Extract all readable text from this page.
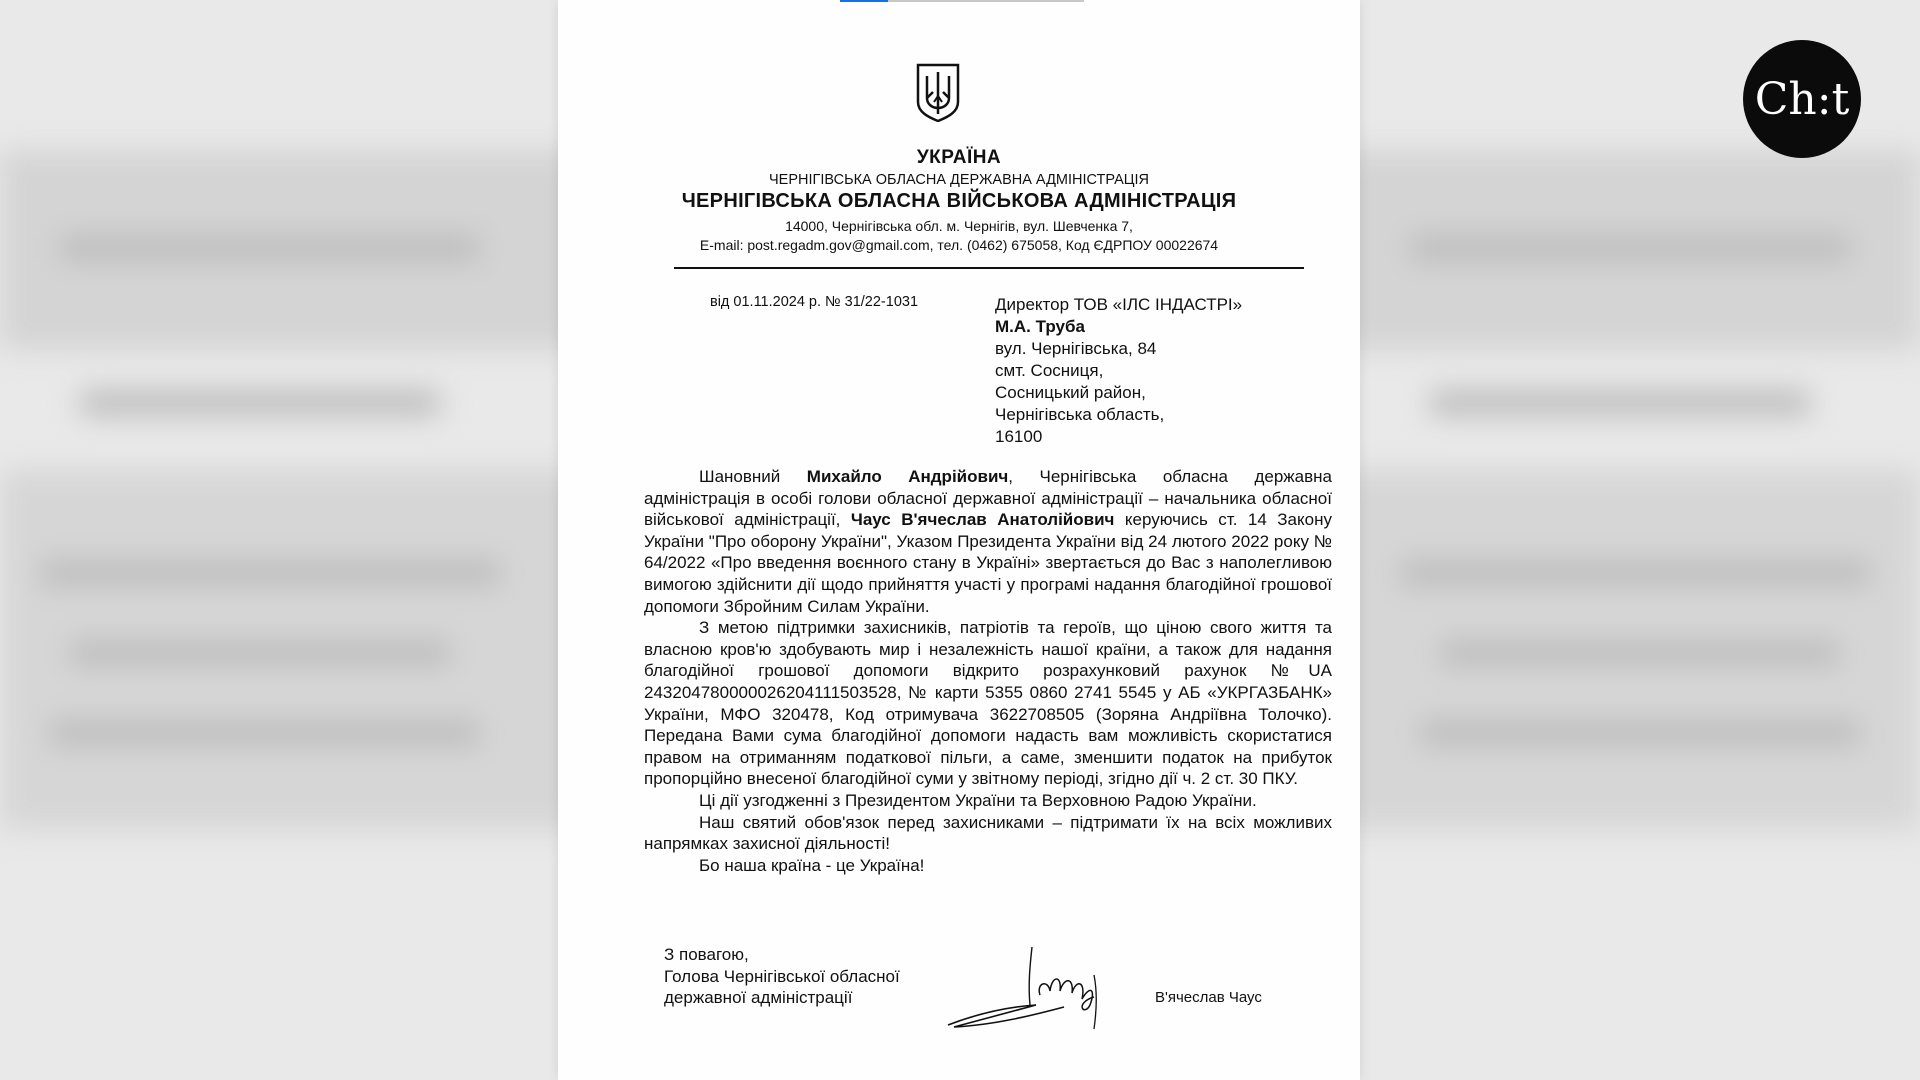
УКРАЇНА
ЧЕРНІГІВСЬКА ОБЛАСНА ДЕРЖАВНА АДМІНІСТРАЦІЯ
ЧЕРНІГІВСЬКА ОБЛАСНА ВІЙСЬКОВА АДМІНІСТРАЦІЯ
14000, Чернігівська обл. м. Чернігів, вул. Шевченка 7,
E-mail: post.regadm.gov@gmail.com, тел. (0462) 675058, Код ЄДРПОУ 00022674
від 01.11.2024 р. № 31/22-1031	Директор ТОВ «ІЛС ІНДАСТРІ»
М.А. Труба
вул. Чернігівська, 84
смт. Сосниця,
Сосницький район,
Чернігівська область,
16100

Шановний Михайло Андрійович, Чернігівська обласна державна адміністрація в особі голови обласної державної адміністрації – начальника обласної військової адміністрації, Чаус В'ячеслав Анатолійович керуючись ст. 14 Закону України "Про оборону України", Указом Президента України від 24 лютого 2022 року № 64/2022 «Про введення воєнного стану в Україні» звертається до Вас з наполегливою вимогою здійснити дії щодо прийняття участі у програмі надання благодійної грошової допомоги Збройним Силам України.

З метою підтримки захисників, патріотів та героїв, що ціною свого життя та власною кров'ю здобувають мир і незалежність нашої країни, а також для надання благодійної грошової допомоги відкрито розрахунковий рахунок №UA 243204780000026204111503528, № карти 5355 0860 2741 5545 у АБ «УКРГАЗБАНК» України, МФО 320478, Код отримувача 3622708505 (Зоряна Андріївна Толочко). Передана Вами сума благодійної допомоги надасть вам можливість скористатися правом на отриманням податкової пільги, а саме, зменшити податок на прибуток пропорційно внесеної благодійної суми у звітному періоді, згідно дії ч. 2 ст. 30 ПКУ.

Ці дії узгодженні з Президентом України та Верховною Радою України.

Наш святий обов'язок перед захисниками – підтримати їх на всіх можливих напрямках захисної діяльності!

Бо наша країна - це Україна!

З повагою,
Голова Чернігівської обласної
державної адміністрації	В'ячеслав Чаус
Ch:t
